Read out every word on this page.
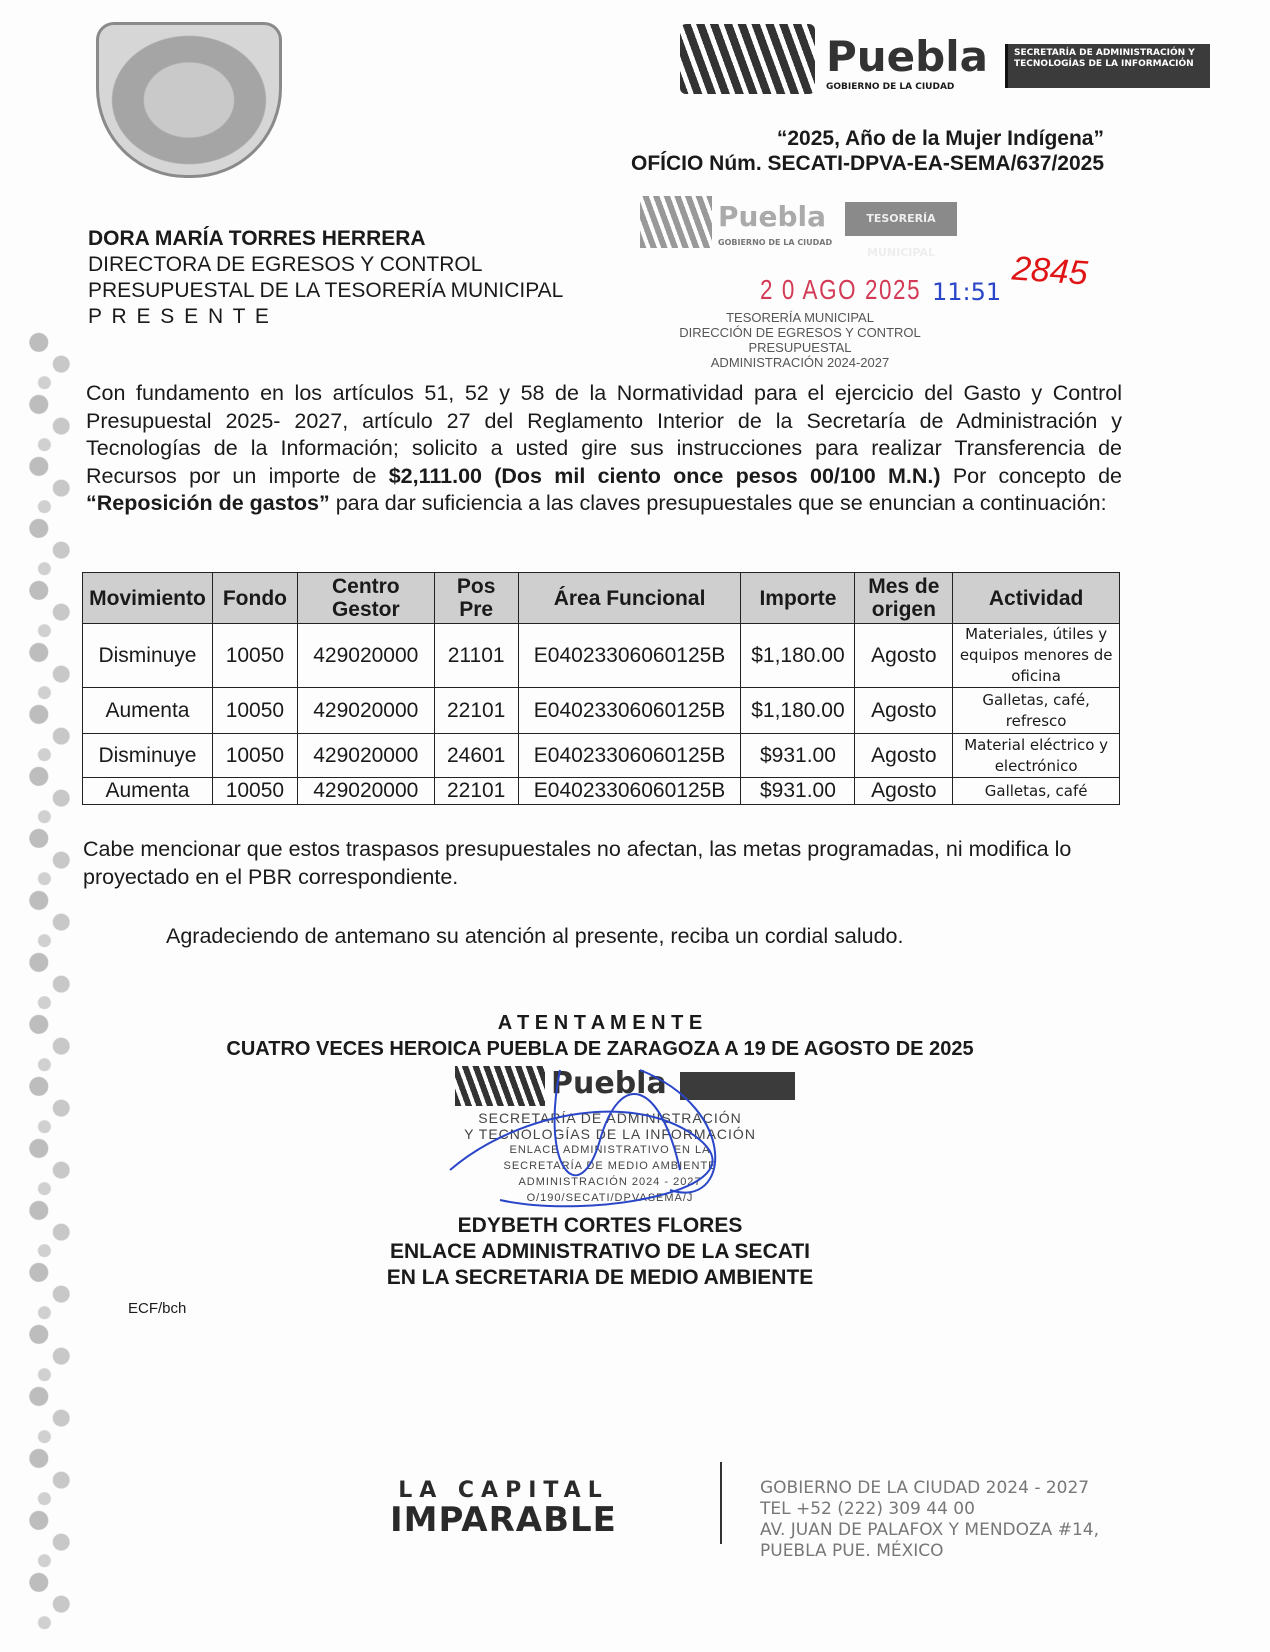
Puebla
GOBIERNO DE LA CIUDAD
SECRETARÍA DE ADMINISTRACIÓN Y TECNOLOGÍAS DE LA INFORMACIÓN
“2025, Año de la Mujer Indígena”
OFÍCIO Núm. SECATI-DPVA-EA-SEMA/637/2025
DORA MARÍA TORRES HERRERA
DIRECTORA DE EGRESOS Y CONTROL
PRESUPUESTAL DE LA TESORERÍA MUNICIPAL
P R E S E N T E
Puebla
GOBIERNO DE LA CIUDAD
TESORERÍA MUNICIPAL
TESORERÍA MUNICIPAL
DIRECCIÓN DE EGRESOS Y CONTROL
PRESUPUESTAL
ADMINISTRACIÓN 2024-2027
2 0 AGO 2025 11:51 2845
Con fundamento en los artículos 51, 52 y 58 de la Normatividad para el ejercicio del Gasto y Control Presupuestal 2025- 2027, artículo 27 del Reglamento Interior de la Secretaría de Administración y Tecnologías de la Información; solicito a usted gire sus instrucciones para realizar Transferencia de Recursos por un importe de $2,111.00 (Dos mil ciento once pesos 00/100 M.N.) Por concepto de “Reposición de gastos” para dar suficiencia a las claves presupuestales que se enuncian a continuación:
Movimiento	Fondo	Centro Gestor	Pos Pre	Área Funcional	Importe	Mes de origen	Actividad
Disminuye	10050	429020000	21101	E04023306060125B	$1,180.00	Agosto	Materiales, útiles y equipos menores de oficina
Aumenta	10050	429020000	22101	E04023306060125B	$1,180.00	Agosto	Galletas, café, refresco
Disminuye	10050	429020000	24601	E04023306060125B	$931.00	Agosto	Material eléctrico y electrónico
Aumenta	10050	429020000	22101	E04023306060125B	$931.00	Agosto	Galletas, café
Cabe mencionar que estos traspasos presupuestales no afectan, las metas programadas, ni modifica lo proyectado en el PBR correspondiente.
Agradeciendo de antemano su atención al presente, reciba un cordial saludo.
A T E N T A M E N T E
CUATRO VECES HEROICA PUEBLA DE ZARAGOZA A 19 DE AGOSTO DE 2025
Puebla
SECRETARÍA DE ADMINISTRACIÓN
Y TECNOLOGÍAS DE LA INFORMACIÓN
ENLACE ADMINISTRATIVO EN LA
SECRETARÍA DE MEDIO AMBIENTE
ADMINISTRACIÓN 2024 - 2027
O/190/SECATI/DPVASEMA/J
EDYBETH CORTES FLORES
ENLACE ADMINISTRATIVO DE LA SECATI
EN LA SECRETARIA DE MEDIO AMBIENTE
ECF/bch
LA CAPITAL
IMPARABLE
GOBIERNO DE LA CIUDAD 2024 - 2027
TEL +52 (222) 309 44 00
AV. JUAN DE PALAFOX Y MENDOZA #14,
PUEBLA PUE. MÉXICO
